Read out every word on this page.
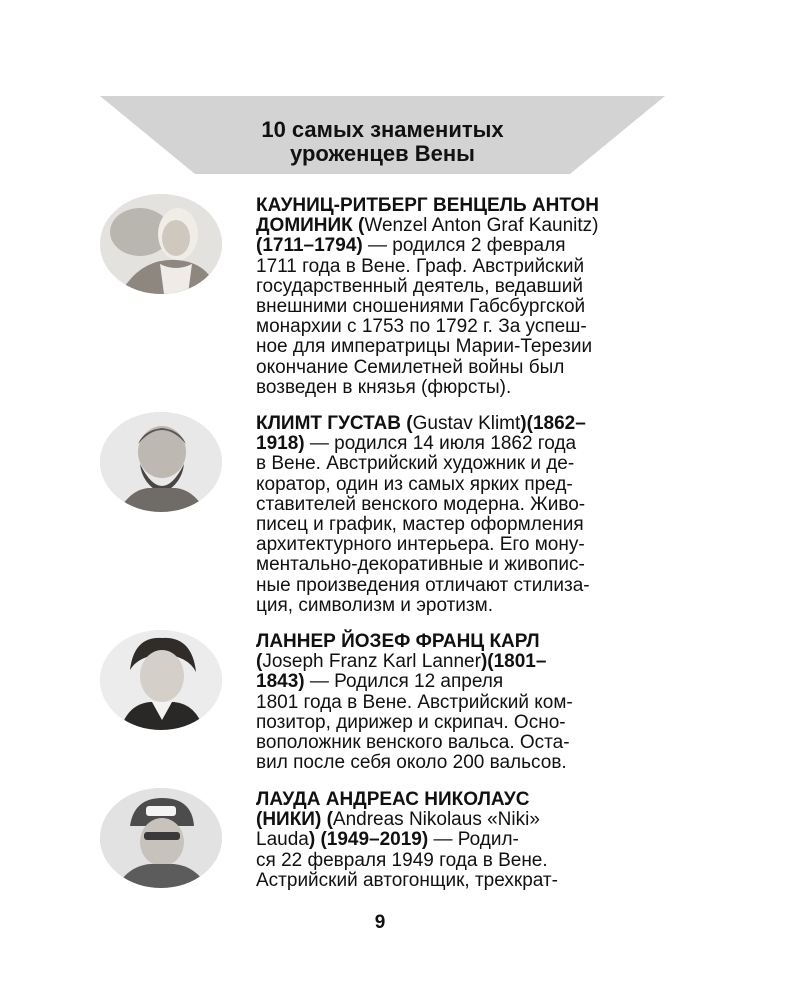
10 самых знаменитых
уроженцев Вены
КАУНИЦ-РИТБЕРГ ВЕНЦЕЛЬ АНТОН
ДОМИНИК (Wenzel Anton Graf Kaunitz)
(1711–1794) — родился 2 февраля
1711 года в Вене. Граф. Австрийский
государственный деятель, ведавший
внешними сношениями Габсбургской
монархии с 1753 по 1792 г. За успеш-
ное для императрицы Марии-Терезии
окончание Семилетней войны был
возведен в князья (фюрсты).
КЛИМТ ГУСТАВ (Gustav Klimt)(1862–
1918) — родился 14 июля 1862 года
в Вене. Австрийский художник и де-
коратор, один из самых ярких пред-
ставителей венского модерна. Живо-
писец и график, мастер оформления
архитектурного интерьера. Его мону-
ментально-декоративные и живопис-
ные произведения отличают стилиза-
ция, символизм и эротизм.
ЛАННЕР ЙОЗЕФ ФРАНЦ КАРЛ
(Joseph Franz Karl Lanner)(1801–
1843) — Родился 12 апреля
1801 года в Вене. Австрийский ком-
позитор, дирижер и скрипач. Осно-
воположник венского вальса. Оста-
вил после себя около 200 вальсов.
ЛАУДА АНДРЕАС НИКОЛАУС
(НИКИ) (Andreas Nikolaus «Niki»
Lauda) (1949–2019) — Родил-
ся 22 февраля 1949 года в Вене.
Астрийский автогонщик, трехкрат-
9
